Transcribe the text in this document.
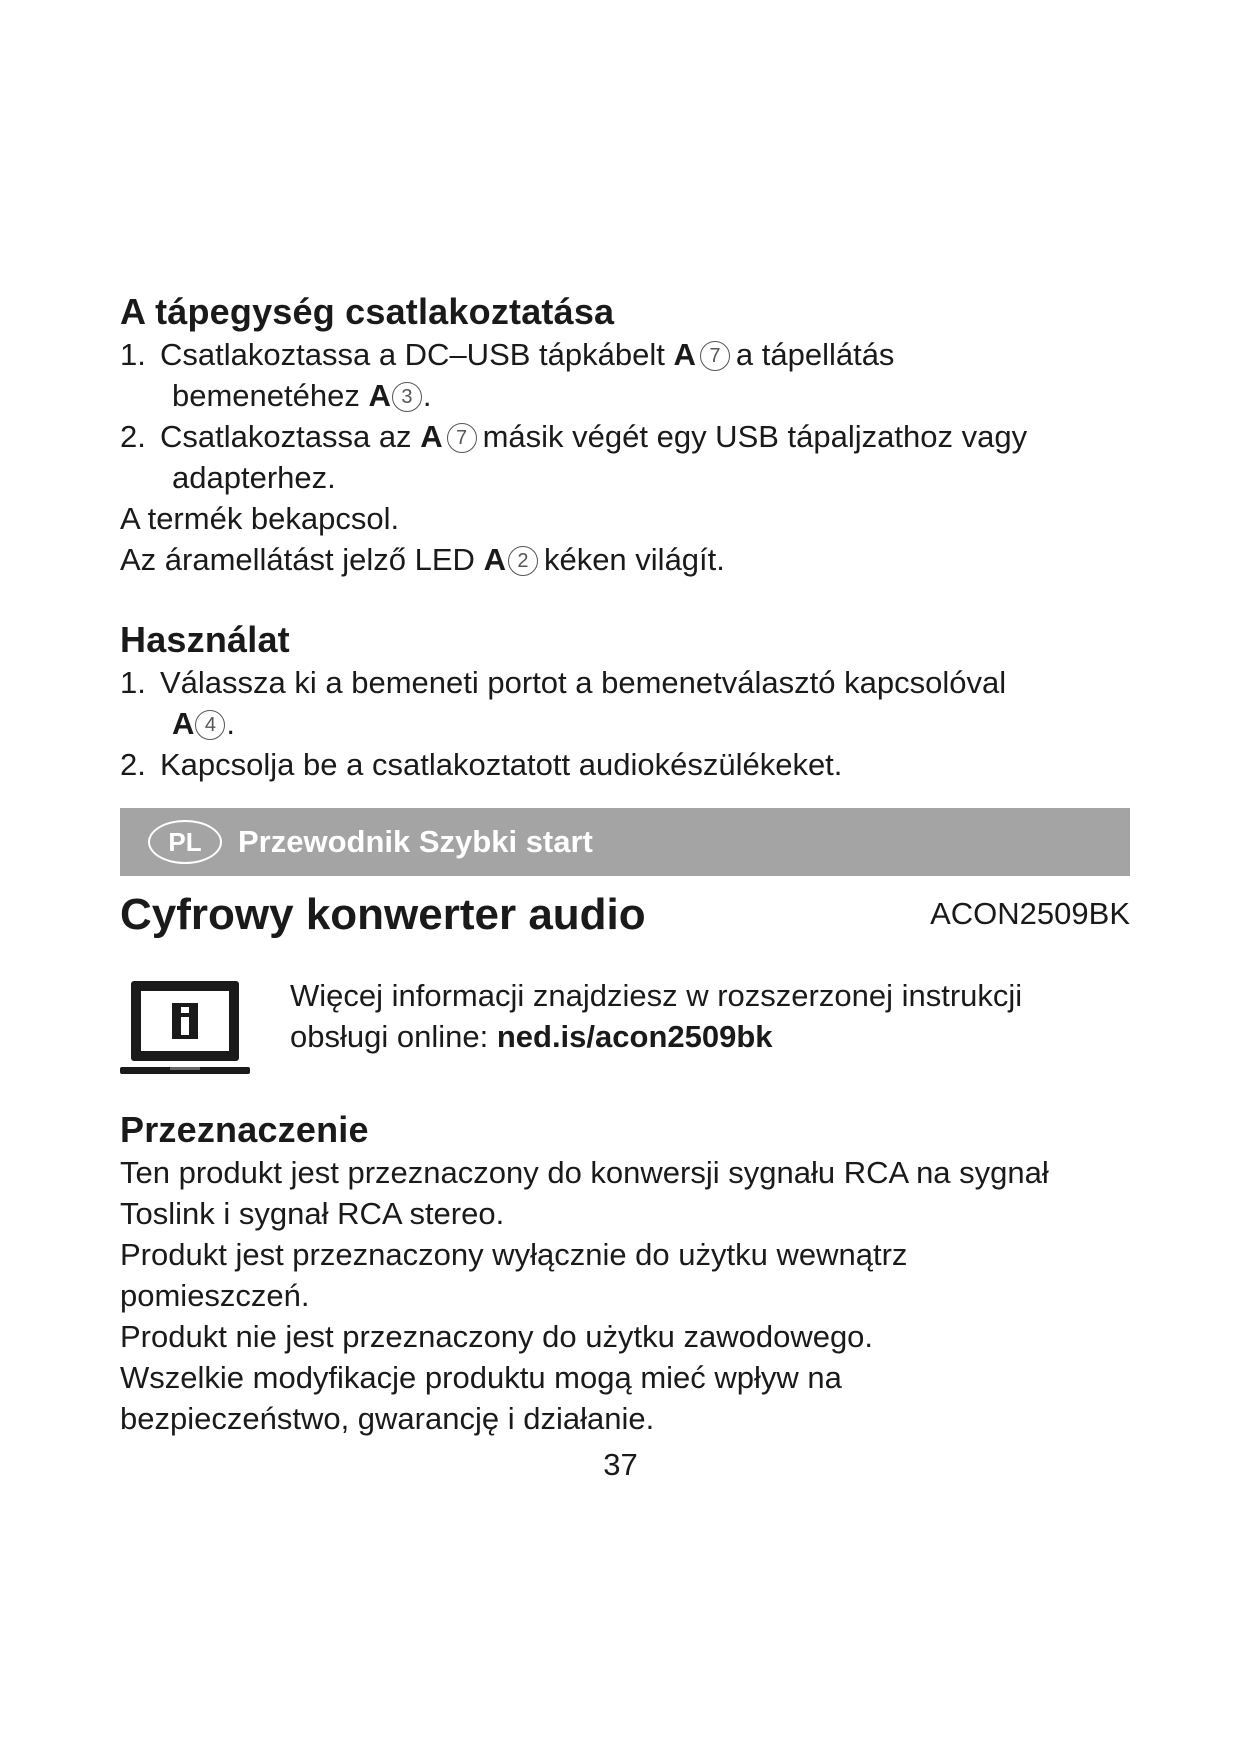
A tápegység csatlakoztatása
1. Csatlakoztassa a DC–USB tápkábelt A 7 a tápellátás
bemenetéhez A 3 .
2. Csatlakoztassa az A 7 másik végét egy USB tápaljzathoz vagy
adapterhez.
A termék bekapcsol.
Az áramellátást jelző LED A 2 kéken világít.
Használat
1. Válassza ki a bemeneti portot a bemenetválasztó kapcsolóval
A 4 .
2. Kapcsolja be a csatlakoztatott audiokészülékeket.
PL	Przewodnik Szybki start
Cyfrowy konwerter audio	ACON2509BK
Więcej informacji znajdziesz w rozszerzonej instrukcji
obsługi online: ned.is/acon2509bk
Przeznaczenie
Ten produkt jest przeznaczony do konwersji sygnału RCA na sygnał
Toslink i sygnał RCA stereo.
Produkt jest przeznaczony wyłącznie do użytku wewnątrz
pomieszczeń.
Produkt nie jest przeznaczony do użytku zawodowego.
Wszelkie modyfikacje produktu mogą mieć wpływ na
bezpieczeństwo, gwarancję i działanie.
37
